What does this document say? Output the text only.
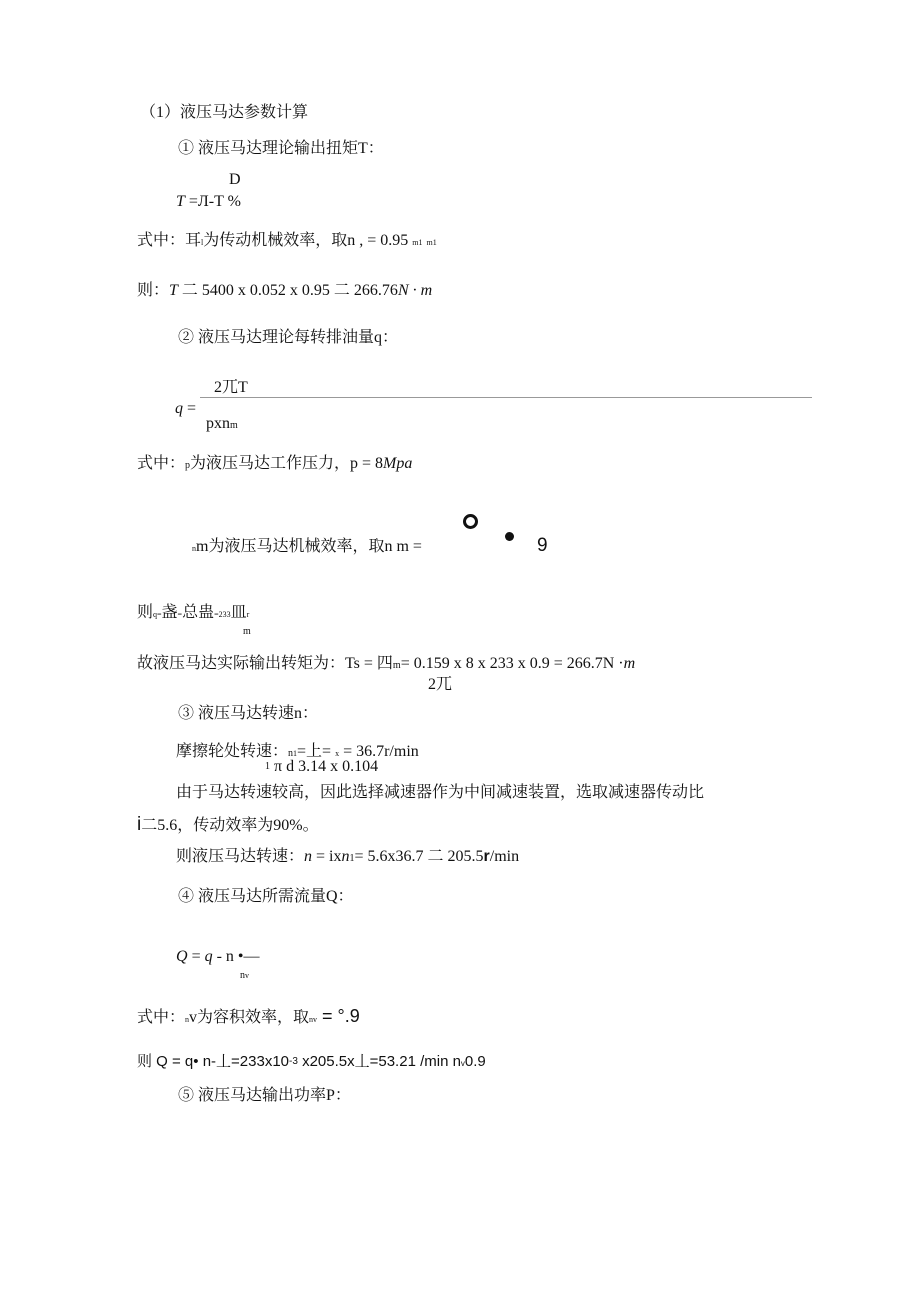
（1）液压马达参数计算
① 液压马达理论输出扭矩T：
D
T =Л-T %
式中：耳l为传动机械效率，取n , = 0.95 m1 m1
则：T 二 5400 x 0.052 x 0.95 二 266.76N · m
② 液压马达理论每转排油量q：
2兀T
q =
pxnm
式中：p为液压马达工作压力，p = 8Mpa
nm为液压马达机械效率，取n m =	9
则q=盏=总蛊=233皿r
m
故液压马达实际输出转矩为：Ts = 四m= 0.159 x 8 x 233 x 0.9 = 266.7N ·m
2兀
③ 液压马达转速n：
摩擦轮处转速：n1=上= x = 36.7r/min
$^1$ π d 3.14 x 0.104
由于马达转速较高，因此选择减速器作为中间减速装置，选取减速器传动比
i二5.6，传动效率为90%。
则液压马达转速：n = ixn1= 5.6x36.7 二 205.5r/min
④ 液压马达所需流量Q：
Q = q - n •—
nv
式中：nv为容积效率，取nv = °.9
则 Q = q• n-丄$=233x10^{-3}$ x205.5x丄=53.21 /min nv0.9
⑤ 液压马达输出功率P：
